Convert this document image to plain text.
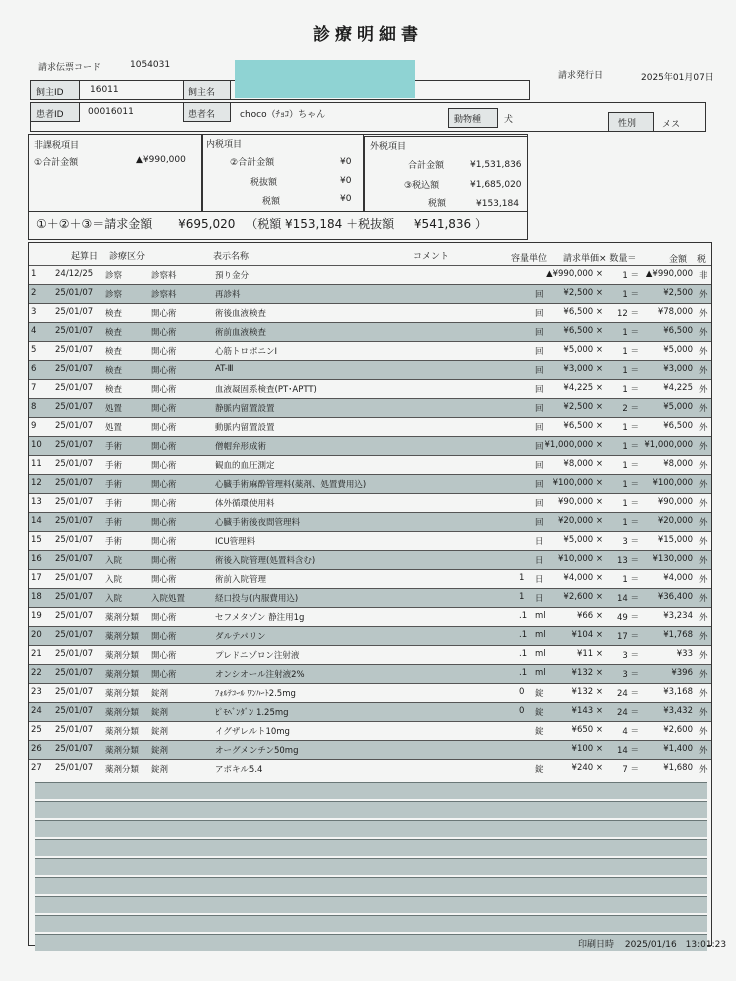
診療明細書
請求伝票コード	1054031
請求発行日	2025年01月07日
飼主ID	16011	飼主名
患者ID	00016011	患者名	choco（ﾁｮｺ）ちゃん	動物種	犬	性別	メス
非課税項目
①合計金額	▲¥990,000
内税項目
②合計金額	¥0
税抜額	¥0
税額	¥0
外税項目
合計金額	¥1,531,836
③税込額	¥1,685,020
税額	¥153,184
①＋②＋③＝請求金額 ¥695,020 （税額 ¥153,184 ＋税抜額 ¥541,836 ）
起算日 診療区分	表示名称	コメント	容量単位 請求単価× 数量＝	金額 税
1 24/12/25 診察	診察料	預り金分	▲¥990,000 × 1 ＝ ▲¥990,000 非
2 25/01/07 診察	診察料	再診料	回 ¥2,500 × 1 ＝	¥2,500 外
3 25/01/07 検査	開心術	術後血液検査	回 ¥6,500 × 12 ＝ ¥78,000 外
4 25/01/07 検査	開心術	術前血液検査	回 ¥6,500 × 1 ＝	¥6,500 外
5 25/01/07 検査	開心術	心筋トロポニンI	回 ¥5,000 × 1 ＝	¥5,000 外
6 25/01/07 検査	開心術	AT-Ⅲ	回 ¥3,000 × 1 ＝	¥3,000 外
7 25/01/07 検査	開心術	血液凝固系検査(PT･APTT)	回 ¥4,225 × 1 ＝	¥4,225 外
8 25/01/07 処置	開心術	静脈内留置設置	回 ¥2,500 × 2 ＝	¥5,000 外
9 25/01/07 処置	開心術	動脈内留置設置	回 ¥6,500 × 1 ＝	¥6,500 外
10 25/01/07 手術	開心術	僧帽弁形成術	回 ¥1,000,000 × 1 ＝ ¥1,000,000 外
11 25/01/07 手術	開心術	観血的血圧測定	回 ¥8,000 × 1 ＝	¥8,000 外
12 25/01/07 手術	開心術	心臓手術麻酔管理料(薬剤、処置費用込)	回 ¥100,000 × 1 ＝ ¥100,000 外
13 25/01/07 手術	開心術	体外循環使用料	回 ¥90,000 × 1 ＝ ¥90,000 外
14 25/01/07 手術	開心術	心臓手術後夜間管理料	回 ¥20,000 × 1 ＝ ¥20,000 外
15 25/01/07 手術	開心術	ICU管理料	日 ¥5,000 × 3 ＝ ¥15,000 外
16 25/01/07 入院	開心術	術後入院管理(処置料含む)	日 ¥10,000 × 13 ＝ ¥130,000 外
17 25/01/07 入院	開心術	術前入院管理	1 日 ¥4,000 × 1 ＝	¥4,000 外
18 25/01/07 入院	入院処置	経口投与(内服費用込)	1 日 ¥2,600 × 14 ＝ ¥36,400 外
19 25/01/07 薬剤分類 開心術	セフメタゾン 静注用1g	.1 ml	¥66 × 49 ＝	¥3,234 外
20 25/01/07 薬剤分類 開心術	ダルテパリン	.1 ml	¥104 × 17 ＝	¥1,768 外
21 25/01/07 薬剤分類 開心術	プレドニゾロン注射液	.1 ml	¥11 × 3 ＝	¥33 外
22 25/01/07 薬剤分類 開心術	オンシオール注射液2%	.1 ml	¥132 × 3 ＝	¥396 外
23 25/01/07 薬剤分類 錠剤	ﾌｫﾙﾃｺｰﾙ ﾜﾝﾊｰﾄ2.5mg	0 錠	¥132 × 24 ＝	¥3,168 外
24 25/01/07 薬剤分類 錠剤	ﾋﾟﾓﾍﾞﾝﾀﾞﾝ 1.25mg	0 錠	¥143 × 24 ＝	¥3,432 外
25 25/01/07 薬剤分類 錠剤	イグザレルト10mg	錠	¥650 × 4 ＝	¥2,600 外
26 25/01/07 薬剤分類 錠剤	オーグメンチン50mg	¥100 × 14 ＝	¥1,400 外
27 25/01/07 薬剤分類 錠剤	アポキル5.4	錠	¥240 × 7 ＝	¥1,680 外
印刷日時 2025/01/16 13:01:23
